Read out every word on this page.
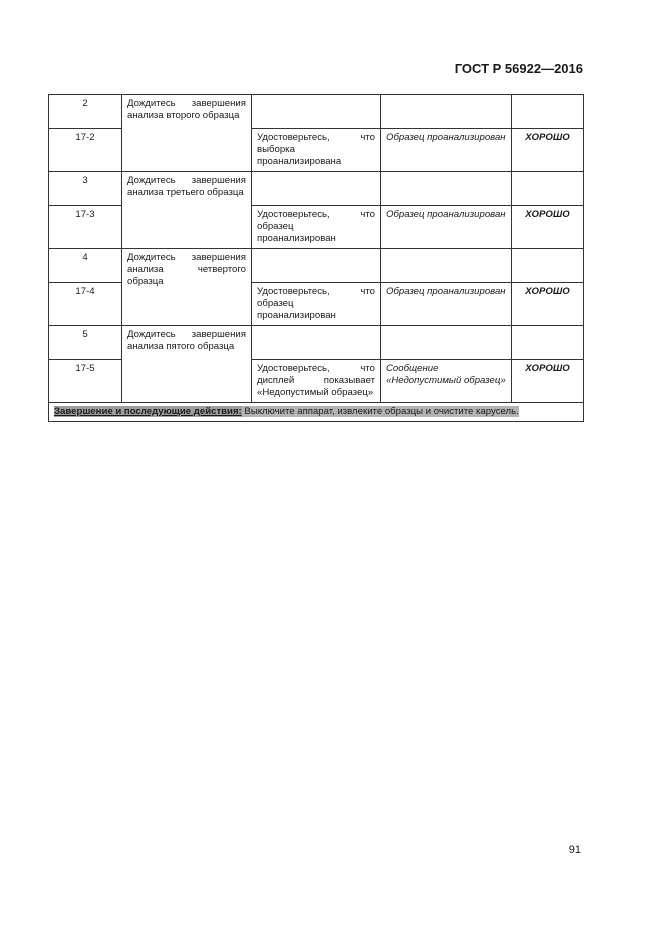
ГОСТ Р 56922—2016
2	Дождитесь завершения анализа второго образца			
17-2		Удостоверьтесь, что выборка проанализирована	Образец проанализирован	ХОРОШО
3	Дождитесь завершения анализа третьего образца			
17-3		Удостоверьтесь, что образец проанализирован	Образец проанализирован	ХОРОШО
4	Дождитесь завершения анализа четвертого образца			
17-4		Удостоверьтесь, что образец проанализирован	Образец проанализирован	ХОРОШО
5	Дождитесь завершения анализа пятого образца			
17-5		Удостоверьтесь, что дисплей показывает «Недопустимый образец»	Сообщение «Недопустимый образец»	ХОРОШО
Завершение и последующие действия: Выключите аппарат, извлеките образцы и очистите карусель.				
91
